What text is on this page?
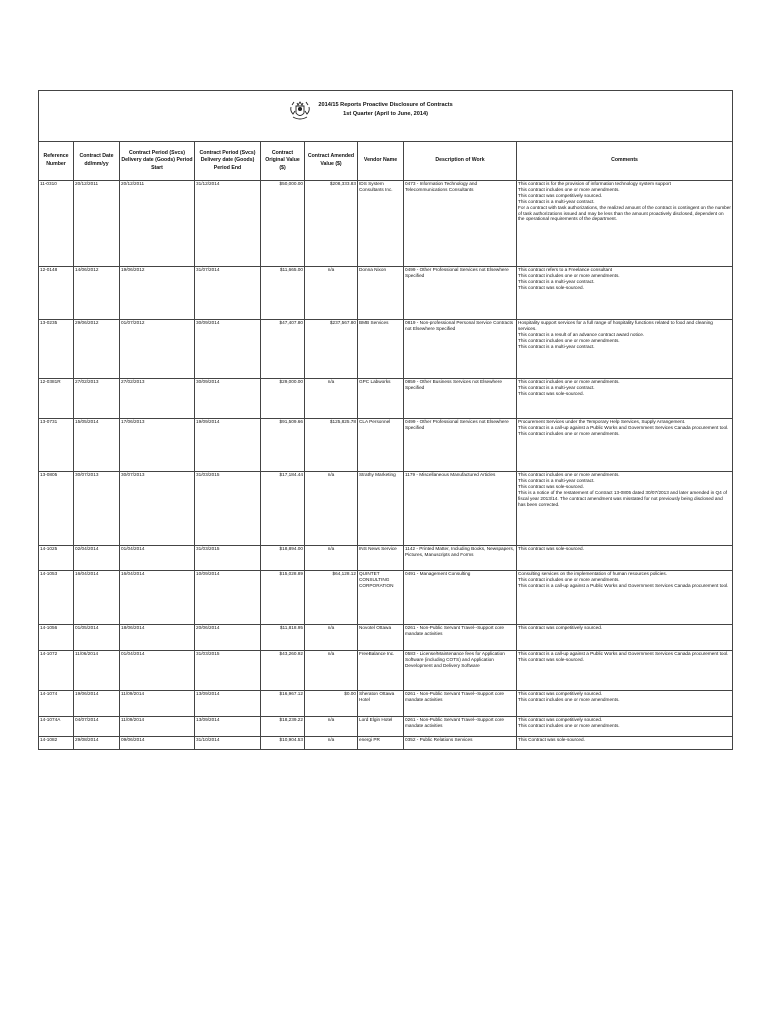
2014/15 Reports Proactive Disclosure of Contracts
1st Quarter (April to June, 2014)								

Reference Number	Contract Date dd/mm/yy	Contract Period (Svcs) Delivery date (Goods) Period Start	Contract Period (Svcs) Delivery date (Goods) Period End	Contract Original Value ($)	Contract Amended Value ($)	Vendor Name	Description of Work	Comments
11-0310	20/12/2011	20/12/2011	31/12/2014	$50,000.00	$208,333.83	IDS System Consultants Inc.	0473 - Information Technology and Telecommunications Consultants	This contract is for the provision of information technology system support
This contract includes one or more amendments.
This contract was competitively sourced.
This contract is a multi-year contract.
For a contract with task authorizations, the realized amount of the contract is contingent on the number of task authorizations issued and may be less than the amount proactively disclosed, dependent on the operational requirements of the department.

12-0148	14/06/2012	19/06/2012	31/07/2014	$11,665.00	n/a	Donna Nixon	0499 - Other Professional Services not Elsewhere Specified	This contract refers to a Freelance consultant
This contract includes one or more amendments.
This contract is a multi-year contract.
This contract was sole-sourced.

13-0235	29/06/2012	01/07/2012	30/09/2014	$47,407.80	$237,567.80	BMB Services	0819 - Non-professional Personal Service Contracts not Elsewhere Specified	Hospitality support services for a full range of hospitality functions related to food and cleaning services.
This contract is a result of an advance contract award notice.
This contract includes one or more amendments.
This contract is a multi-year contract.

12-0381R	27/02/2013	27/02/2013	30/09/2014	$29,000.00	n/a	GPC Labworks	0859 - Other Business Services not Elsewhere Specified	This contract includes one or more amendments.
This contract is a multi-year contract.
This contract was sole-sourced.

13-0731	15/05/2014	17/06/2013	19/09/2014	$91,509.66	$125,825.78	CLA Personnel	0499 - Other Professional Services not Elsewhere Specified	Procurement Services under the Temporary Help Services, Supply Arrangement.
This contract is a call-up against a Public Works and Government Services Canada procurement tool.
This contract includes one or more amendments.

13-0805	30/07/2013	30/07/2013	31/03/2015	$17,184.44	n/a	Strathy Marketing	1179 - Miscellaneous Manufactured Articles	This contract includes one or more amendments.
This contract is a multi-year contract.
This contract was sole-sourced.
This is a notice of the restatement of Contract 13-0805 dated 30/07/2013 and later amended in Q4 of fiscal year 2013/14. The contract amendment was misstated for not previously being disclosed and has been corrected.

14-1025	02/04/2014	01/04/2014	31/03/2015	$18,894.00	n/a	INS News Service	1142 - Printed Matter, Including Books, Newspapers, Pictures, Manuscripts and Forms	This contract was sole-sourced.

14-1053	16/04/2014	16/04/2014	10/09/2014	$15,028.89	$64,128.12	QUINTET CONSULTING CORPORATION	0491 - Management Consulting	Consulting services on the implementation of human resources policies.
This contract includes one or more amendments.
This contract is a call-up against a Public Works and Government Services Canada procurement tool.

14-1056	01/05/2014	18/06/2014	20/06/2014	$11,818.95	n/a	Novotel Ottawa	0261 - Non-Public Servant Travel--Support core mandate activities	This contract was competitively sourced.

14-1072	11/06/2014	01/04/2014	31/03/2015	$43,260.92	n/a	FreeBalance Inc.	0583 - License/Maintenance fees for Application Software (including COTS) and Application Development and Delivery Software	This contract is a call-up against a Public Works and Government Services Canada procurement tool.
This contract was sole-sourced.

14-1074	19/06/2014	11/09/2014	13/09/2014	$16,967.12	$0.00	Sheraton Ottawa Hotel	0261 - Non-Public Servant Travel--Support core mandate activities	This contract was competitively sourced.
This contract includes one or more amendments.

14-1074A	04/07/2014	11/09/2014	13/09/2014	$18,239.22	n/a	Lord Elgin Hotel	0261 - Non-Public Servant Travel--Support core mandate activities	This contract was competitively sourced.
This contract includes one or more amendments.

14-1082	29/08/2014	09/06/2014	31/10/2014	$10,904.53	n/a	energi PR	0352 - Public Relations Services	This Contract was sole-sourced.
